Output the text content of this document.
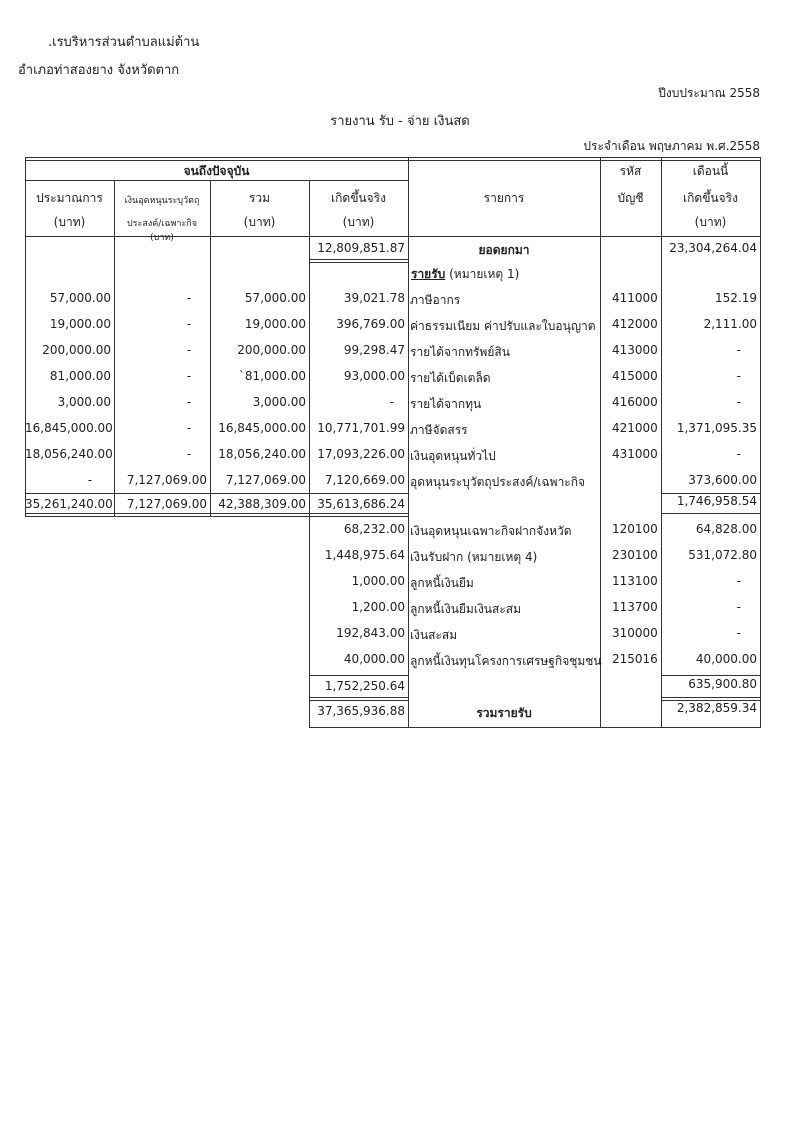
.เรบริหารส่วนตำบลแม่ต้าน
อำเภอท่าสองยาง จังหวัดตาก
ปีงบประมาณ 2558
รายงาน รับ - จ่าย เงินสด
ประจำเดือน พฤษภาคม พ.ศ.2558
จนถึงปัจจุบัน
ประมาณการ
(บาท)
เงินอุดหนุนระบุวัตถุ
ประสงค์/เฉพาะกิจ (บาท)
รวม
(บาท)
เกิดขึ้นจริง
(บาท)
รายการ
รหัส
บัญชี
เดือนนี้
เกิดขึ้นจริง
(บาท)
12,809,851.87	ยอดยกมา	23,304,264.04
รายรับ (หมายเหตุ 1)
57,000.00	-	57,000.00	39,021.78 ภาษีอากร	411000	152.19
19,000.00	-	19,000.00	396,769.00 ค่าธรรมเนียม ค่าปรับและใบอนุญาต 412000	2,111.00
200,000.00	-	200,000.00	99,298.47 รายได้จากทรัพย์สิน	413000	-
81,000.00	-	`81,000.00	93,000.00 รายได้เบ็ดเตล็ด	415000	-
3,000.00	-	3,000.00	- รายได้จากทุน	416000	-
16,845,000.00	-	16,845,000.00 10,771,701.99 ภาษีจัดสรร	421000	1,371,095.35
18,056,240.00	-	18,056,240.00 17,093,226.00 เงินอุดหนุนทั่วไป	431000	-
-	7,127,069.00	7,127,069.00	7,120,669.00 อุดหนุนระบุวัตถุประสงค์/เฉพาะกิจ	373,600.00
35,261,240.00	7,127,069.00 42,388,309.00 35,613,686.24	1,746,958.54
68,232.00 เงินอุดหนุนเฉพาะกิจฝากจังหวัด	120100	64,828.00
1,448,975.64 เงินรับฝาก (หมายเหตุ 4)	230100	531,072.80
1,000.00 ลูกหนี้เงินยืม	113100	-
1,200.00 ลูกหนี้เงินยืมเงินสะสม	113700	-
192,843.00 เงินสะสม	310000	-
40,000.00 ลูกหนี้เงินทุนโครงการเศรษฐกิจชุมชน 215016	40,000.00
1,752,250.64	635,900.80
37,365,936.88	รวมรายรับ	2,382,859.34
